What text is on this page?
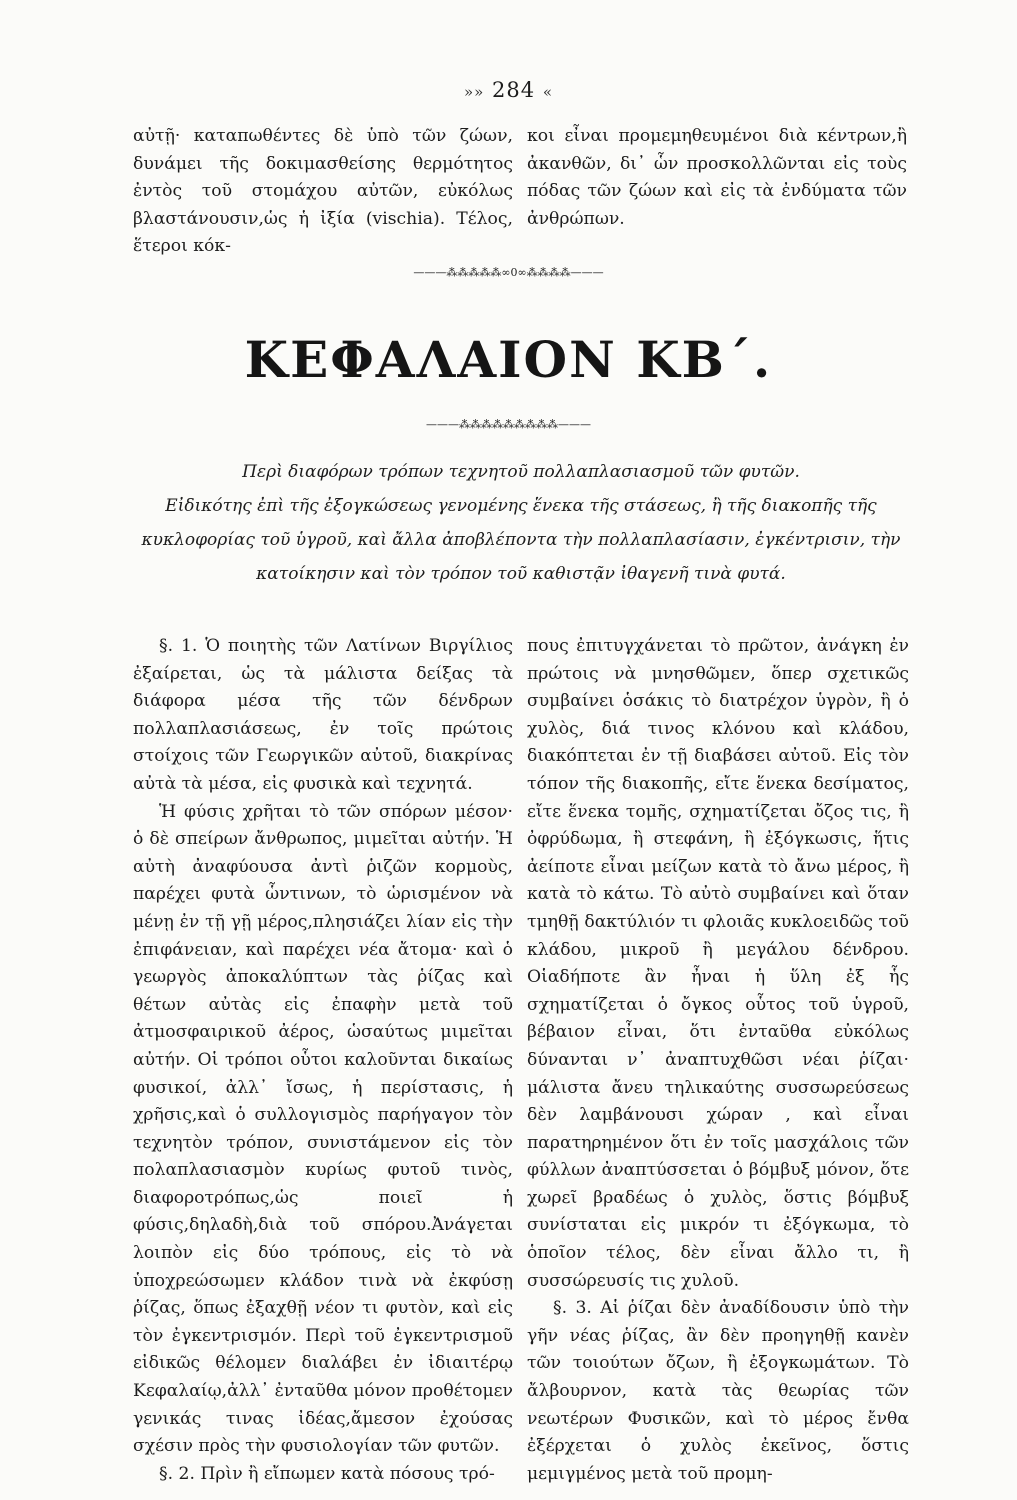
»» 284 «

αὐτῇ· καταπωθέντες δὲ ὑπὸ τῶν ζώων, δυνάμει τῆς δοκιμασθείσης θερμότητος ἐντὸς τοῦ στομάχου αὐτῶν, εὐκόλως βλαστάνουσιν,ὡς ἡ ἰξία (vischia). Τέλος, ἕτεροι κόκ-

κοι εἶναι προμεμηθευμένοι διὰ κέντρων,ἢ ἀκανθῶν, δι᾽ ὧν προσκολλῶνται εἰς τοὺς πόδας τῶν ζώων καὶ εἰς τὰ ἐνδύματα τῶν ἀνθρώπων.

———⁂⁂⁂⁂⁂∞0∞⁂⁂⁂⁂———
ΚΕΦΑΛΑΙΟΝ ΚΒ΄.
———⁂⁂⁂⁂⁂⁂⁂⁂⁂———

Περὶ διαφόρων τρόπων τεχνητοῦ πολλαπλασιασμοῦ τῶν φυτῶν.

Εἰδικότης ἐπὶ τῆς ἐξογκώσεως γενομένης ἕνεκα τῆς στάσεως, ἢ τῆς διακοπῆς τῆς κυκλοφορίας τοῦ ὑγροῦ, καὶ ἄλλα ἀποβλέποντα τὴν πολλαπλασίασιν, ἐγκέντρισιν, τὴν κατοίκησιν καὶ τὸν τρόπον τοῦ καθιστᾷν ἰθαγενῆ τινὰ φυτά.

§. 1. Ὁ ποιητὴς τῶν Λατίνων Βιργίλιος ἐξαίρεται, ὡς τὰ μάλιστα δείξας τὰ διάφορα μέσα τῆς τῶν δένδρων πολλαπλασιάσεως, ἐν τοῖς πρώτοις στοίχοις τῶν Γεωργικῶν αὐτοῦ, διακρίνας αὐτὰ τὰ μέσα, εἰς φυσικὰ καὶ τεχνητά.

Ἡ φύσις χρῆται τὸ τῶν σπόρων μέσον· ὁ δὲ σπείρων ἄνθρωπος, μιμεῖται αὐτήν. Ἡ αὐτὴ ἀναφύουσα ἀντὶ ῥιζῶν κορμοὺς, παρέχει φυτὰ ὧντινων, τὸ ὡρισμένον νὰ μένῃ ἐν τῇ γῇ μέρος,πλησιάζει λίαν εἰς τὴν ἐπιφάνειαν, καὶ παρέχει νέα ἄτομα· καὶ ὁ γεωργὸς ἀποκαλύπτων τὰς ῥίζας καὶ θέτων αὐτὰς εἰς ἐπαφὴν μετὰ τοῦ ἀτμοσφαιρικοῦ ἀέρος, ὡσαύτως μιμεῖται αὐτήν. Οἱ τρόποι οὗτοι καλοῦνται δικαίως φυσικοί, ἀλλ᾽ ἴσως, ἡ περίστασις, ἡ χρῆσις,καὶ ὁ συλλογισμὸς παρήγαγον τὸν τεχνητὸν τρόπον, συνιστάμενον εἰς τὸν πολαπλασιασμὸν κυρίως φυτοῦ τινὸς, διαφοροτρόπως,ὡς ποιεῖ ἡ φύσις,δηλαδὴ,διὰ τοῦ σπόρου.Ἀνάγεται λοιπὸν εἰς δύο τρόπους, εἰς τὸ νὰ ὑποχρεώσωμεν κλάδον τινὰ νὰ ἐκφύσῃ ῥίζας, ὅπως ἐξαχθῇ νέον τι φυτὸν, καὶ εἰς τὸν ἐγκεντρισμόν. Περὶ τοῦ ἐγκεντρισμοῦ εἰδικῶς θέλομεν διαλάβει ἐν ἰδιαιτέρῳ Κεφαλαίῳ,ἀλλ᾽ ἐνταῦθα μόνον προθέτομεν γενικάς τινας ἰδέας,ἄμεσον ἐχούσας σχέσιν πρὸς τὴν φυσιολογίαν τῶν φυτῶν.

§. 2. Πρὶν ἢ εἴπωμεν κατὰ πόσους τρό-

πους ἐπιτυγχάνεται τὸ πρῶτον, ἀνάγκη ἐν πρώτοις νὰ μνησθῶμεν, ὅπερ σχετικῶς συμβαίνει ὁσάκις τὸ διατρέχον ὑγρὸν, ἢ ὁ χυλὸς, διά τινος κλόνου καὶ κλάδου, διακόπτεται ἐν τῇ διαβάσει αὐτοῦ. Εἰς τὸν τόπον τῆς διακοπῆς, εἴτε ἕνεκα δεσίματος, εἴτε ἕνεκα τομῆς, σχηματίζεται ὄζος τις, ἢ ὀφρύδωμα, ἢ στεφάνη, ἢ ἐξόγκωσις, ἥτις ἀείποτε εἶναι μείζων κατὰ τὸ ἄνω μέρος, ἢ κατὰ τὸ κάτω. Τὸ αὐτὸ συμβαίνει καὶ ὅταν τμηθῇ δακτύλιόν τι φλοιᾶς κυκλοειδῶς τοῦ κλάδου, μικροῦ ἢ μεγάλου δένδρου. Οἱαδήποτε ἂν ἦναι ἡ ὕλη ἐξ ἧς σχηματίζεται ὁ ὄγκος οὗτος τοῦ ὑγροῦ, βέβαιον εἶναι, ὅτι ἐνταῦθα εὐκόλως δύνανται ν᾽ ἀναπτυχθῶσι νέαι ῥίζαι· μάλιστα ἄνευ τηλικαύτης συσσωρεύσεως δὲν λαμβάνουσι χώραν , καὶ εἶναι παρατηρημένον ὅτι ἐν τοῖς μασχάλοις τῶν φύλλων ἀναπτύσσεται ὁ βόμβυξ μόνον, ὅτε χωρεῖ βραδέως ὁ χυλὸς, ὅστις βόμβυξ συνίσταται εἰς μικρόν τι ἐξόγκωμα, τὸ ὁποῖον τέλος, δὲν εἶναι ἄλλο τι, ἢ συσσώρευσίς τις χυλοῦ.

§. 3. Αἱ ῥίζαι δὲν ἀναδίδουσιν ὑπὸ τὴν γῆν νέας ῥίζας, ἂν δὲν προηγηθῇ κανὲν τῶν τοιούτων ὄζων, ἢ ἐξογκωμάτων. Τὸ ἄλβουρνον, κατὰ τὰς θεωρίας τῶν νεωτέρων Φυσικῶν, καὶ τὸ μέρος ἔνθα ἐξέρχεται ὁ χυλὸς ἐκεῖνος, ὅστις μεμιγμένος μετὰ τοῦ προμη-
